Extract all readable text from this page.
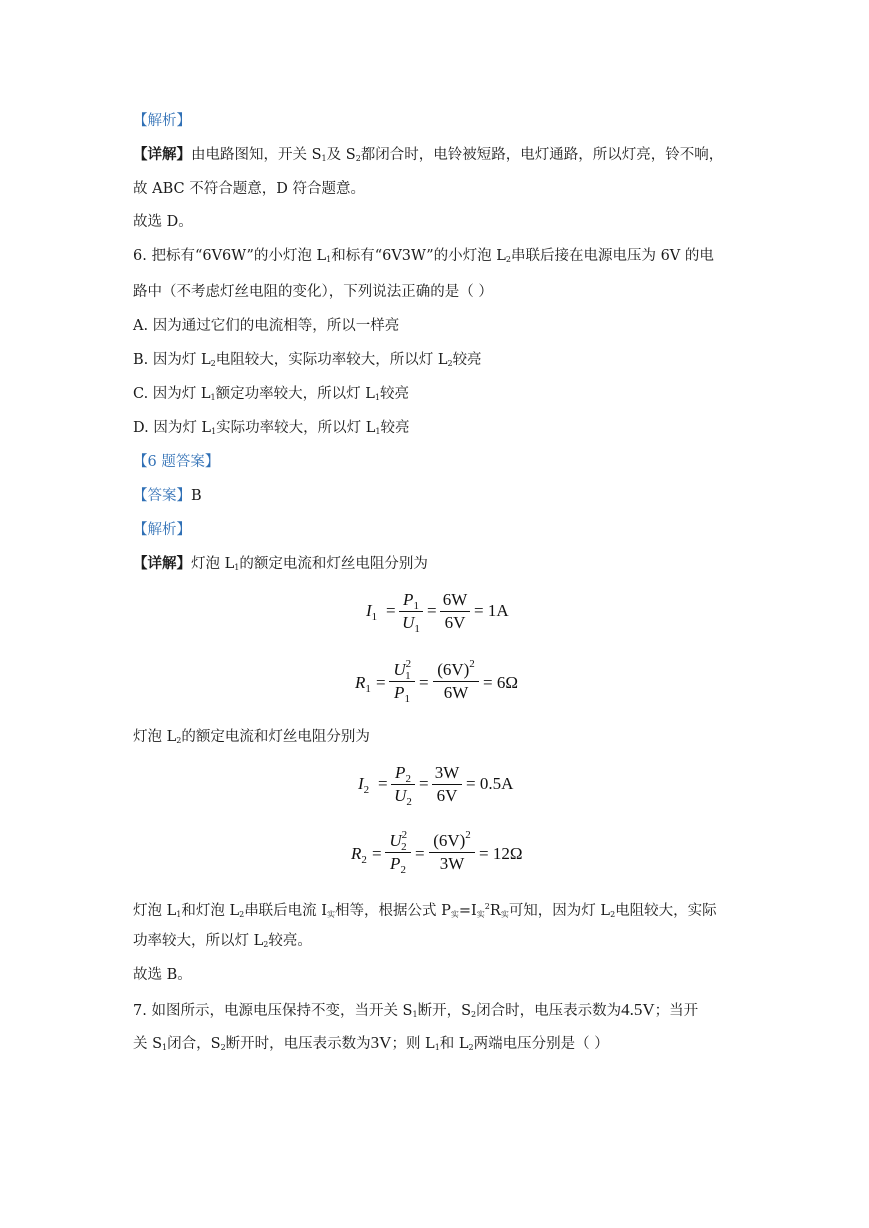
【解析】
【详解】由电路图知，开关 $S_1$及 $S_2$都闭合时，电铃被短路，电灯通路，所以灯亮，铃不响，
故 ABC 不符合题意，D 符合题意。
故选 D。
6. 把标有“6V6W”的小灯泡 $L_1$和标有“6V3W”的小灯泡 $L_2$串联后接在电源电压为 6V 的电
路中（不考虑灯丝电阻的变化），下列说法正确的是（ ）
A. 因为通过它们的电流相等，所以一样亮
B. 因为灯 $L_2$电阻较大，实际功率较大，所以灯 $L_2$较亮
C. 因为灯 $L_1$额定功率较大，所以灯 $L_1$较亮
D. 因为灯 $L_1$实际功率较大，所以灯 $L_1$较亮
【6 题答案】
【答案】B
【解析】
【详解】灯泡 $L_1$的额定电流和灯丝电阻分别为
$I_1$ =
$P_1$
$U_1$
=
6W
6V
= 1A
$R_1$ =
$U^2_1$
$P_1$
=
$(6V)^2$
6W
= 6Ω
灯泡 $L_2$的额定电流和灯丝电阻分别为
$I_2$ =
$P_2$
$U_2$
=
3W
6V
= 0.5A
$R_2$ =
$U^2_2$
$P_2$
=
$(6V)^2$
3W
= 12Ω
灯泡 $L_1$和灯泡 $L_2$串联后电流 $I_实$相等，根据公式 $P_实=I_实^2R_实$可知，因为灯 $L_2$电阻较大，实际
功率较大，所以灯 $L_2$较亮。
故选 B。
7. 如图所示，电源电压保持不变，当开关 $S_1$断开，$S_2$闭合时，电压表示数为4.5V；当开
关 $S_1$闭合，$S_2$断开时，电压表示数为3V；则 $L_1$和 $L_2$两端电压分别是（ ）
